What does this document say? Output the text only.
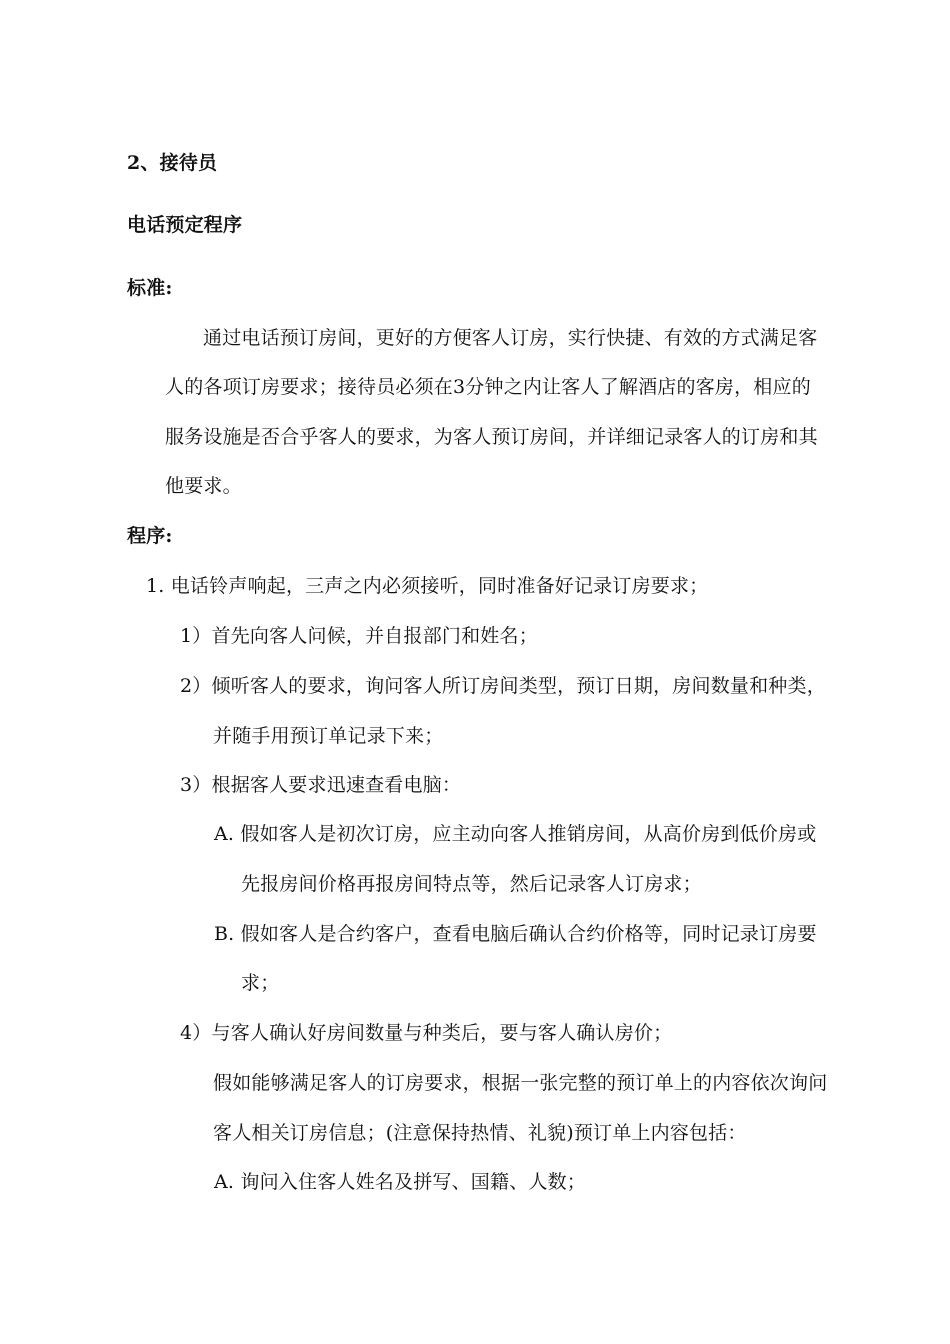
2、接待员
电话预定程序
标准:
通过电话预订房间，更好的方便客人订房，实行快捷、有效的方式满足客
人的各项订房要求；接待员必须在3分钟之内让客人了解酒店的客房，相应的
服务设施是否合乎客人的要求，为客人预订房间，并详细记录客人的订房和其
他要求。
程序:
1. 电话铃声响起，三声之内必须接听，同时准备好记录订房要求；
1）首先向客人问候，并自报部门和姓名；
2）倾听客人的要求，询问客人所订房间类型，预订日期，房间数量和种类，
并随手用预订单记录下来；
3）根据客人要求迅速查看电脑：
A. 假如客人是初次订房，应主动向客人推销房间，从高价房到低价房或
先报房间价格再报房间特点等，然后记录客人订房求；
B. 假如客人是合约客户，查看电脑后确认合约价格等，同时记录订房要
求；
4）与客人确认好房间数量与种类后，要与客人确认房价；
假如能够满足客人的订房要求，根据一张完整的预订单上的内容依次询问
客人相关订房信息；(注意保持热情、礼貌)预订单上内容包括：
A. 询问入住客人姓名及拼写、国籍、人数；
